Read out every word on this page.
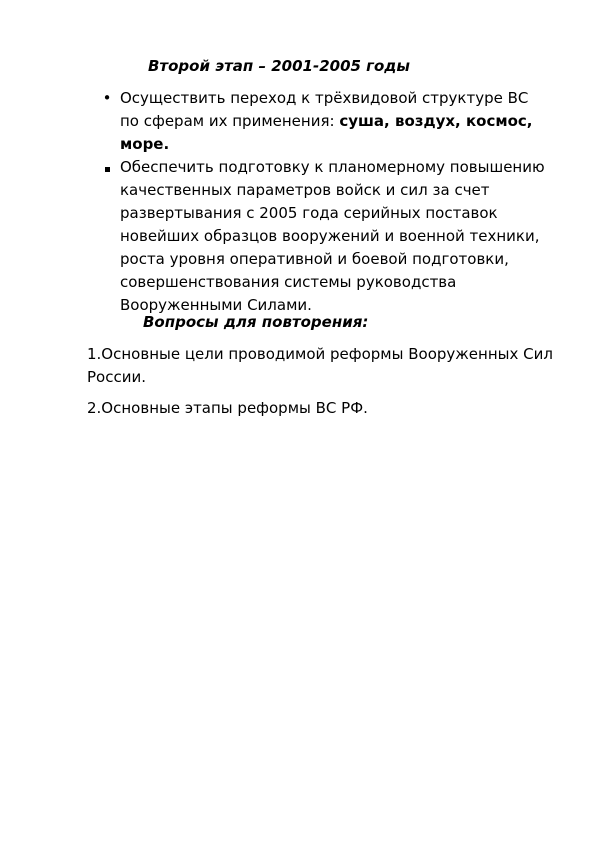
Второй этап – 2001-2005 годы
•
Осуществить переход к трёхвидовой структуре ВС по сферам их применения: суша, воздух, космос, море.
Обеспечить подготовку к планомерному повышению качественных параметров войск и сил за счет развертывания с 2005 года серийных поставок новейших образцов вооружений и военной техники, роста уровня оперативной и боевой подготовки, совершенствования системы руководства Вооруженными Силами.
Вопросы для повторения:
1.Основные цели проводимой реформы Вооруженных Сил России.
2.Основные этапы реформы ВС РФ.
